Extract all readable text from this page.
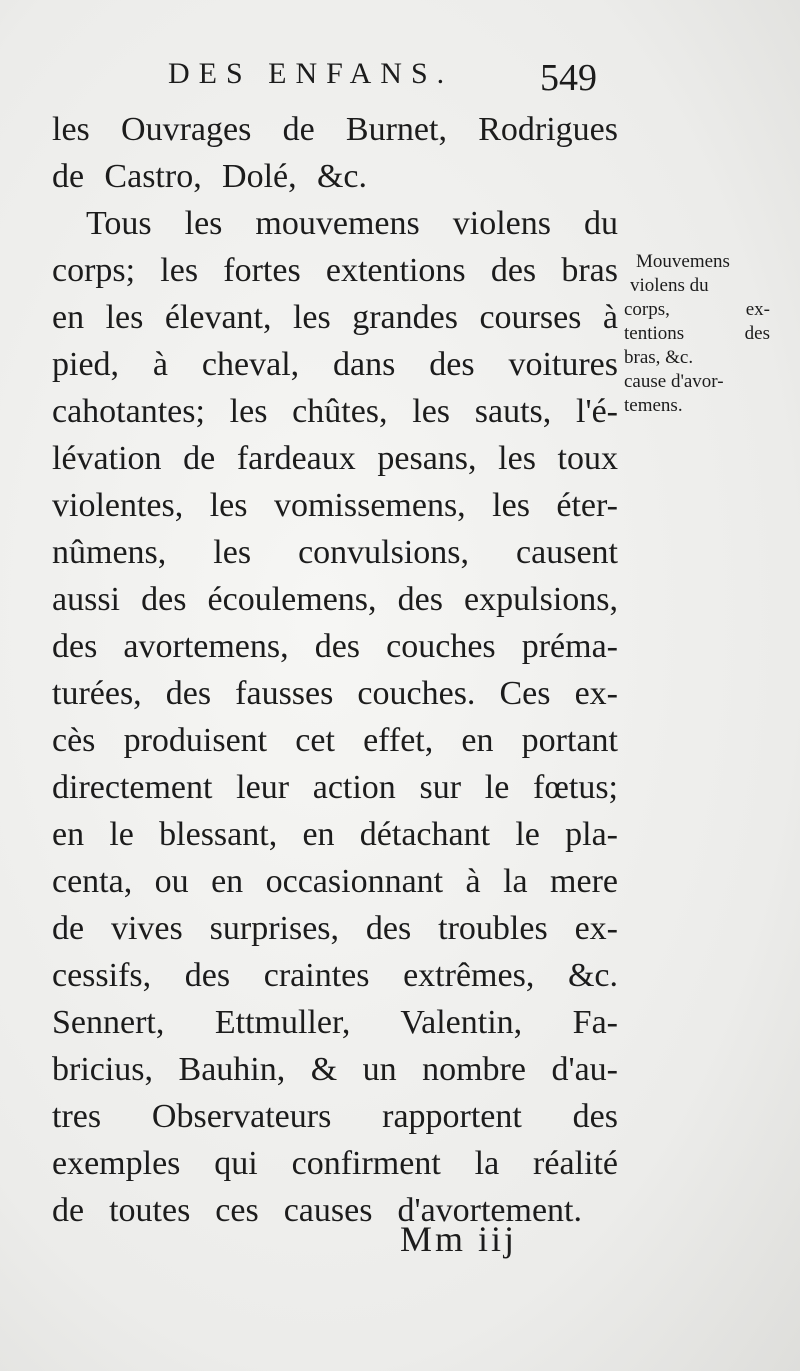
DES ENFANS.	549
les Ouvrages de Burnet, Rodrigues
de Castro, Dolé, &c.
Tous les mouvemens violens du
corps; les fortes extentions des bras
en les élevant, les grandes courses à
pied, à cheval, dans des voitures
cahotantes; les chûtes, les sauts, l'é-
lévation de fardeaux pesans, les toux
violentes, les vomissemens, les éter-
nûmens, les convulsions, causent
aussi des écoulemens, des expulsions,
des avortemens, des couches préma-
turées, des fausses couches. Ces ex-
cès produisent cet effet, en portant
directement leur action sur le fœtus;
en le blessant, en détachant le pla-
centa, ou en occasionnant à la mere
de vives surprises, des troubles ex-
cessifs, des craintes extrêmes, &c.
Sennert, Ettmuller, Valentin, Fa-
bricius, Bauhin, & un nombre d'au-
tres Observateurs rapportent des
exemples qui confirment la réalité
de toutes ces causes d'avortement.
Mouvemens
violens du
corps, ex-
tentions des
bras, &c.
cause d'avor-
temens.
Mm iij
